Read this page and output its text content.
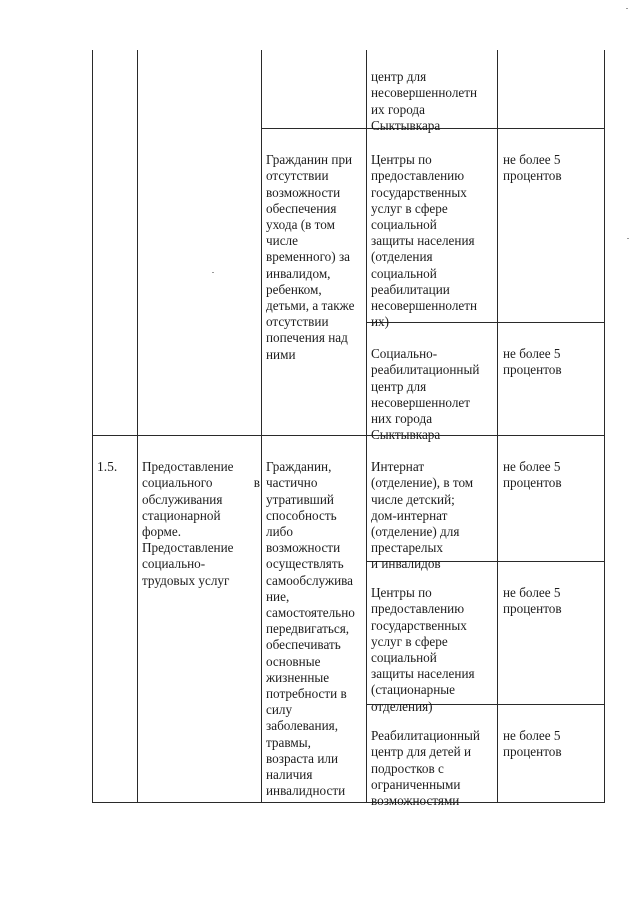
центр для
несовершеннолетн
их города
Сыктывкара

Гражданин при
отсутствии
возможности
обеспечения
ухода (в том
числе
временного) за
инвалидом,
ребенком,
детьми, а также
отсутствии
попечения над
ними

Центры по
предоставлению
государственных
услуг в сфере
социальной
защиты населения
(отделения
социальной
реабилитации
несовершеннолетн
их)

не более 5
процентов

Социально-
реабилитационный
центр для
несовершеннолет
них города
Сыктывкара

не более 5
процентов

1.5.	Предоставление
социального
обслуживания
стационарной
форме.
Предоставление
социально-
трудовых услуг

в

Гражданин,
частично
утративший
способность
либо
возможности
осуществлять
самообслужива
ние,
самостоятельно
передвигаться,
обеспечивать
основные
жизненные
потребности в
силу
заболевания,
травмы,
возраста или
наличия
инвалидности

Интернат
(отделение), в том
числе детский;
дом-интернат
(отделение) для
престарелых
и инвалидов

не более 5
процентов

Центры по
предоставлению
государственных
услуг в сфере
социальной
защиты населения
(стационарные
отделения)

не более 5
процентов

Реабилитационный
центр для детей и
подростков с
ограниченными
возможностями

не более 5
процентов
